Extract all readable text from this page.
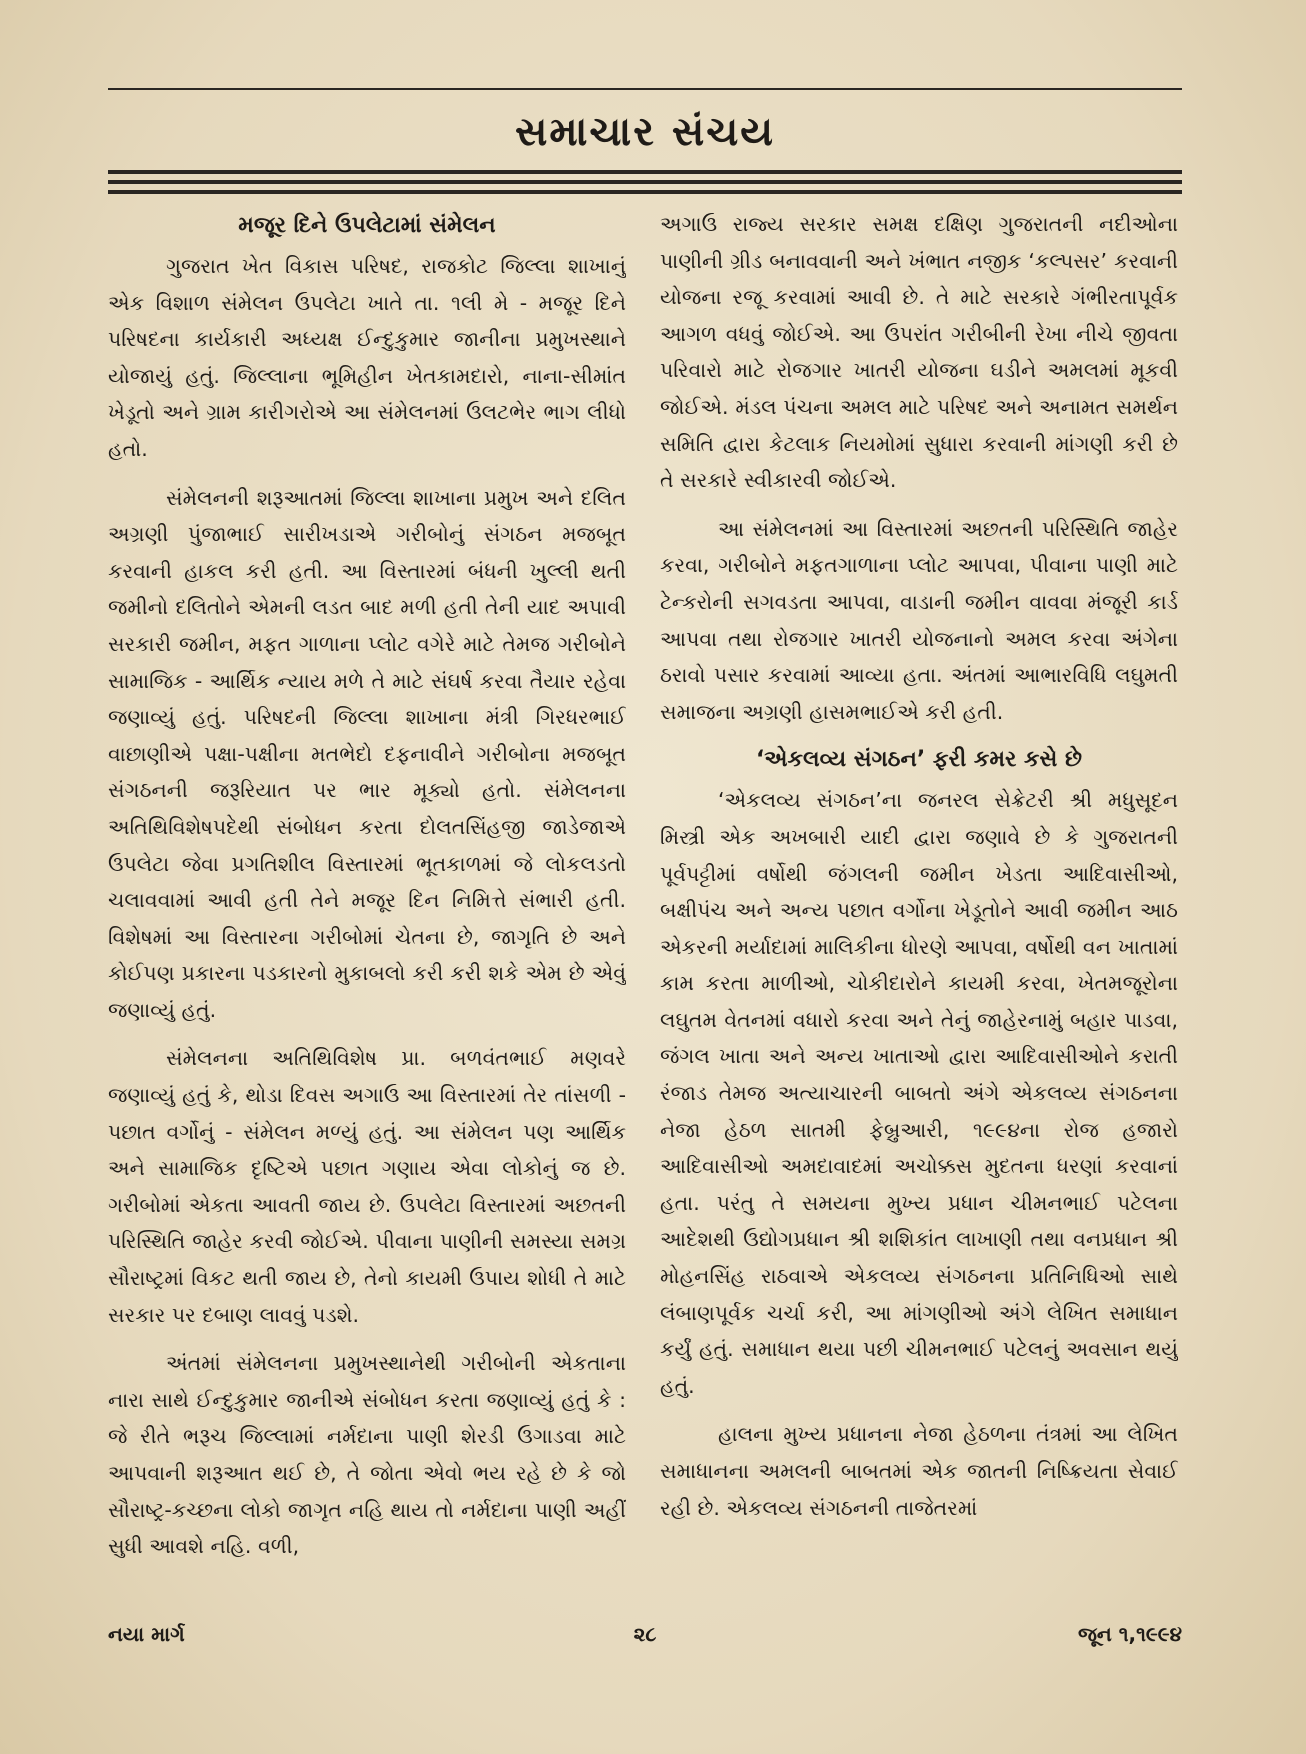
સમાચાર સંચય
મજૂર દિને ઉપલેટામાં સંમેલન

ગુજરાત ખેત વિકાસ પરિષદ, રાજકોટ જિલ્લા શાખાનું એક વિશાળ સંમેલન ઉપલેટા ખાતે તા. ૧લી મે - મજૂર દિને પરિષદના કાર્યકારી અધ્યક્ષ ઈન્દુકુમાર જાનીના પ્રમુખસ્થાને યોજાયું હતું. જિલ્લાના ભૂમિહીન ખેતકામદારો, નાના-સીમાંત ખેડૂતો અને ગ્રામ કારીગરોએ આ સંમેલનમાં ઉલટભેર ભાગ લીધો હતો.

સંમેલનની શરૂઆતમાં જિલ્લા શાખાના પ્રમુખ અને દલિત અગ્રણી પુંજાભાઈ સારીખડાએ ગરીબોનું સંગઠન મજબૂત કરવાની હાકલ કરી હતી. આ વિસ્તારમાં બંધની ખુલ્લી થતી જમીનો દલિતોને એમની લડત બાદ મળી હતી તેની યાદ અપાવી સરકારી જમીન, મફત ગાળાના પ્લોટ વગેરે માટે તેમજ ગરીબોને સામાજિક - આર્થિક ન્યાય મળે તે માટે સંઘર્ષ કરવા તૈયાર રહેવા જણાવ્યું હતું. પરિષદની જિલ્લા શાખાના મંત્રી ગિરધરભાઈ વાછાણીએ પક્ષા-પક્ષીના મતભેદો દફનાવીને ગરીબોના મજબૂત સંગઠનની જરૂરિયાત પર ભાર મૂક્યો હતો. સંમેલનના અતિથિવિશેષપદેથી સંબોધન કરતા દોલતસિંહજી જાડેજાએ ઉપલેટા જેવા પ્રગતિશીલ વિસ્તારમાં ભૂતકાળમાં જે લોકલડતો ચલાવવામાં આવી હતી તેને મજૂર દિન નિમિત્તે સંભારી હતી. વિશેષમાં આ વિસ્તારના ગરીબોમાં ચેતના છે, જાગૃતિ છે અને કોઈપણ પ્રકારના પડકારનો મુકાબલો કરી કરી શકે એમ છે એવું જણાવ્યું હતું.

સંમેલનના અતિથિવિશેષ પ્રા. બળવંતભાઈ મણવરે જણાવ્યું હતું કે, થોડા દિવસ અગાઉ આ વિસ્તારમાં તેર તાંસળી - પછાત વર્ગોનું - સંમેલન મળ્યું હતું. આ સંમેલન પણ આર્થિક અને સામાજિક દૃષ્ટિએ પછાત ગણાય એવા લોકોનું જ છે. ગરીબોમાં એકતા આવતી જાય છે. ઉપલેટા વિસ્તારમાં અછતની પરિસ્થિતિ જાહેર કરવી જોઈએ. પીવાના પાણીની સમસ્યા સમગ્ર સૌરાષ્ટ્રમાં વિકટ થતી જાય છે, તેનો કાયમી ઉપાય શોધી તે માટે સરકાર પર દબાણ લાવવું પડશે.

અંતમાં સંમેલનના પ્રમુખસ્થાનેથી ગરીબોની એકતાના નારા સાથે ઈન્દુકુમાર જાનીએ સંબોધન કરતા જણાવ્યું હતું કે : જે રીતે ભરૂચ જિલ્લામાં નર્મદાના પાણી શેરડી ઉગાડવા માટે આપવાની શરૂઆત થઈ છે, તે જોતા એવો ભય રહે છે કે જો સૌરાષ્ટ્ર-કચ્છના લોકો જાગૃત નહિ થાય તો નર્મદાના પાણી અહીં સુધી આવશે નહિ. વળી,

અગાઉ રાજ્ય સરકાર સમક્ષ દક્ષિણ ગુજરાતની નદીઓના પાણીની ગ્રીડ બનાવવાની અને ખંભાત નજીક ‘કલ્પસર’ કરવાની યોજના રજૂ કરવામાં આવી છે. તે માટે સરકારે ગંભીરતાપૂર્વક આગળ વધવું જોઈએ. આ ઉપરાંત ગરીબીની રેખા નીચે જીવતા પરિવારો માટે રોજગાર ખાતરી યોજના ઘડીને અમલમાં મૂકવી જોઈએ. મંડલ પંચના અમલ માટે પરિષદ અને અનામત સમર્થન સમિતિ દ્વારા કેટલાક નિયમોમાં સુધારા કરવાની માંગણી કરી છે તે સરકારે સ્વીકારવી જોઈએ.

આ સંમેલનમાં આ વિસ્તારમાં અછતની પરિસ્થિતિ જાહેર કરવા, ગરીબોને મફતગાળાના પ્લોટ આપવા, પીવાના પાણી માટે ટેન્કરોની સગવડતા આપવા, વાડાની જમીન વાવવા મંજૂરી કાર્ડ આપવા તથા રોજગાર ખાતરી યોજનાનો અમલ કરવા અંગેના ઠરાવો પસાર કરવામાં આવ્યા હતા. અંતમાં આભારવિધિ લઘુમતી સમાજના અગ્રણી હાસમભાઈએ કરી હતી.

‘એકલવ્ય સંગઠન’ ફરી કમર કસે છે

‘એકલવ્ય સંગઠન’ના જનરલ સેક્રેટરી શ્રી મધુસૂદન મિસ્ત્રી એક અખબારી યાદી દ્વારા જણાવે છે કે ગુજરાતની પૂર્વપટ્ટીમાં વર્ષોથી જંગલની જમીન ખેડતા આદિવાસીઓ, બક્ષીપંચ અને અન્ય પછાત વર્ગોના ખેડૂતોને આવી જમીન આઠ એકરની મર્યાદામાં માલિકીના ધોરણે આપવા, વર્ષોથી વન ખાતામાં કામ કરતા માળીઓ, ચોકીદારોને કાયમી કરવા, ખેતમજૂરોના લઘુતમ વેતનમાં વધારો કરવા અને તેનું જાહેરનામું બહાર પાડવા, જંગલ ખાતા અને અન્ય ખાતાઓ દ્વારા આદિવાસીઓને કરાતી રંજાડ તેમજ અત્યાચારની બાબતો અંગે એકલવ્ય સંગઠનના નેજા હેઠળ સાતમી ફેબ્રુઆરી, ૧૯૯૪ના રોજ હજારો આદિવાસીઓ અમદાવાદમાં અચોક્કસ મુદતના ધરણાં કરવાનાં હતા. પરંતુ તે સમયના મુખ્ય પ્રધાન ચીમનભાઈ પટેલના આદેશથી ઉદ્યોગપ્રધાન શ્રી શશિકાંત લાખાણી તથા વનપ્રધાન શ્રી મોહનસિંહ રાઠવાએ એકલવ્ય સંગઠનના પ્રતિનિધિઓ સાથે લંબાણપૂર્વક ચર્ચા કરી, આ માંગણીઓ અંગે લેખિત સમાધાન કર્યું હતું. સમાધાન થયા પછી ચીમનભાઈ પટેલનું અવસાન થયું હતું.

હાલના મુખ્ય પ્રધાનના નેજા હેઠળના તંત્રમાં આ લેખિત સમાધાનના અમલની બાબતમાં એક જાતની નિષ્ક્રિયતા સેવાઈ રહી છે. એકલવ્ય સંગઠનની તાજેતરમાં

નયા માર્ગ	૨૮	જૂન ૧,૧૯૯૪
